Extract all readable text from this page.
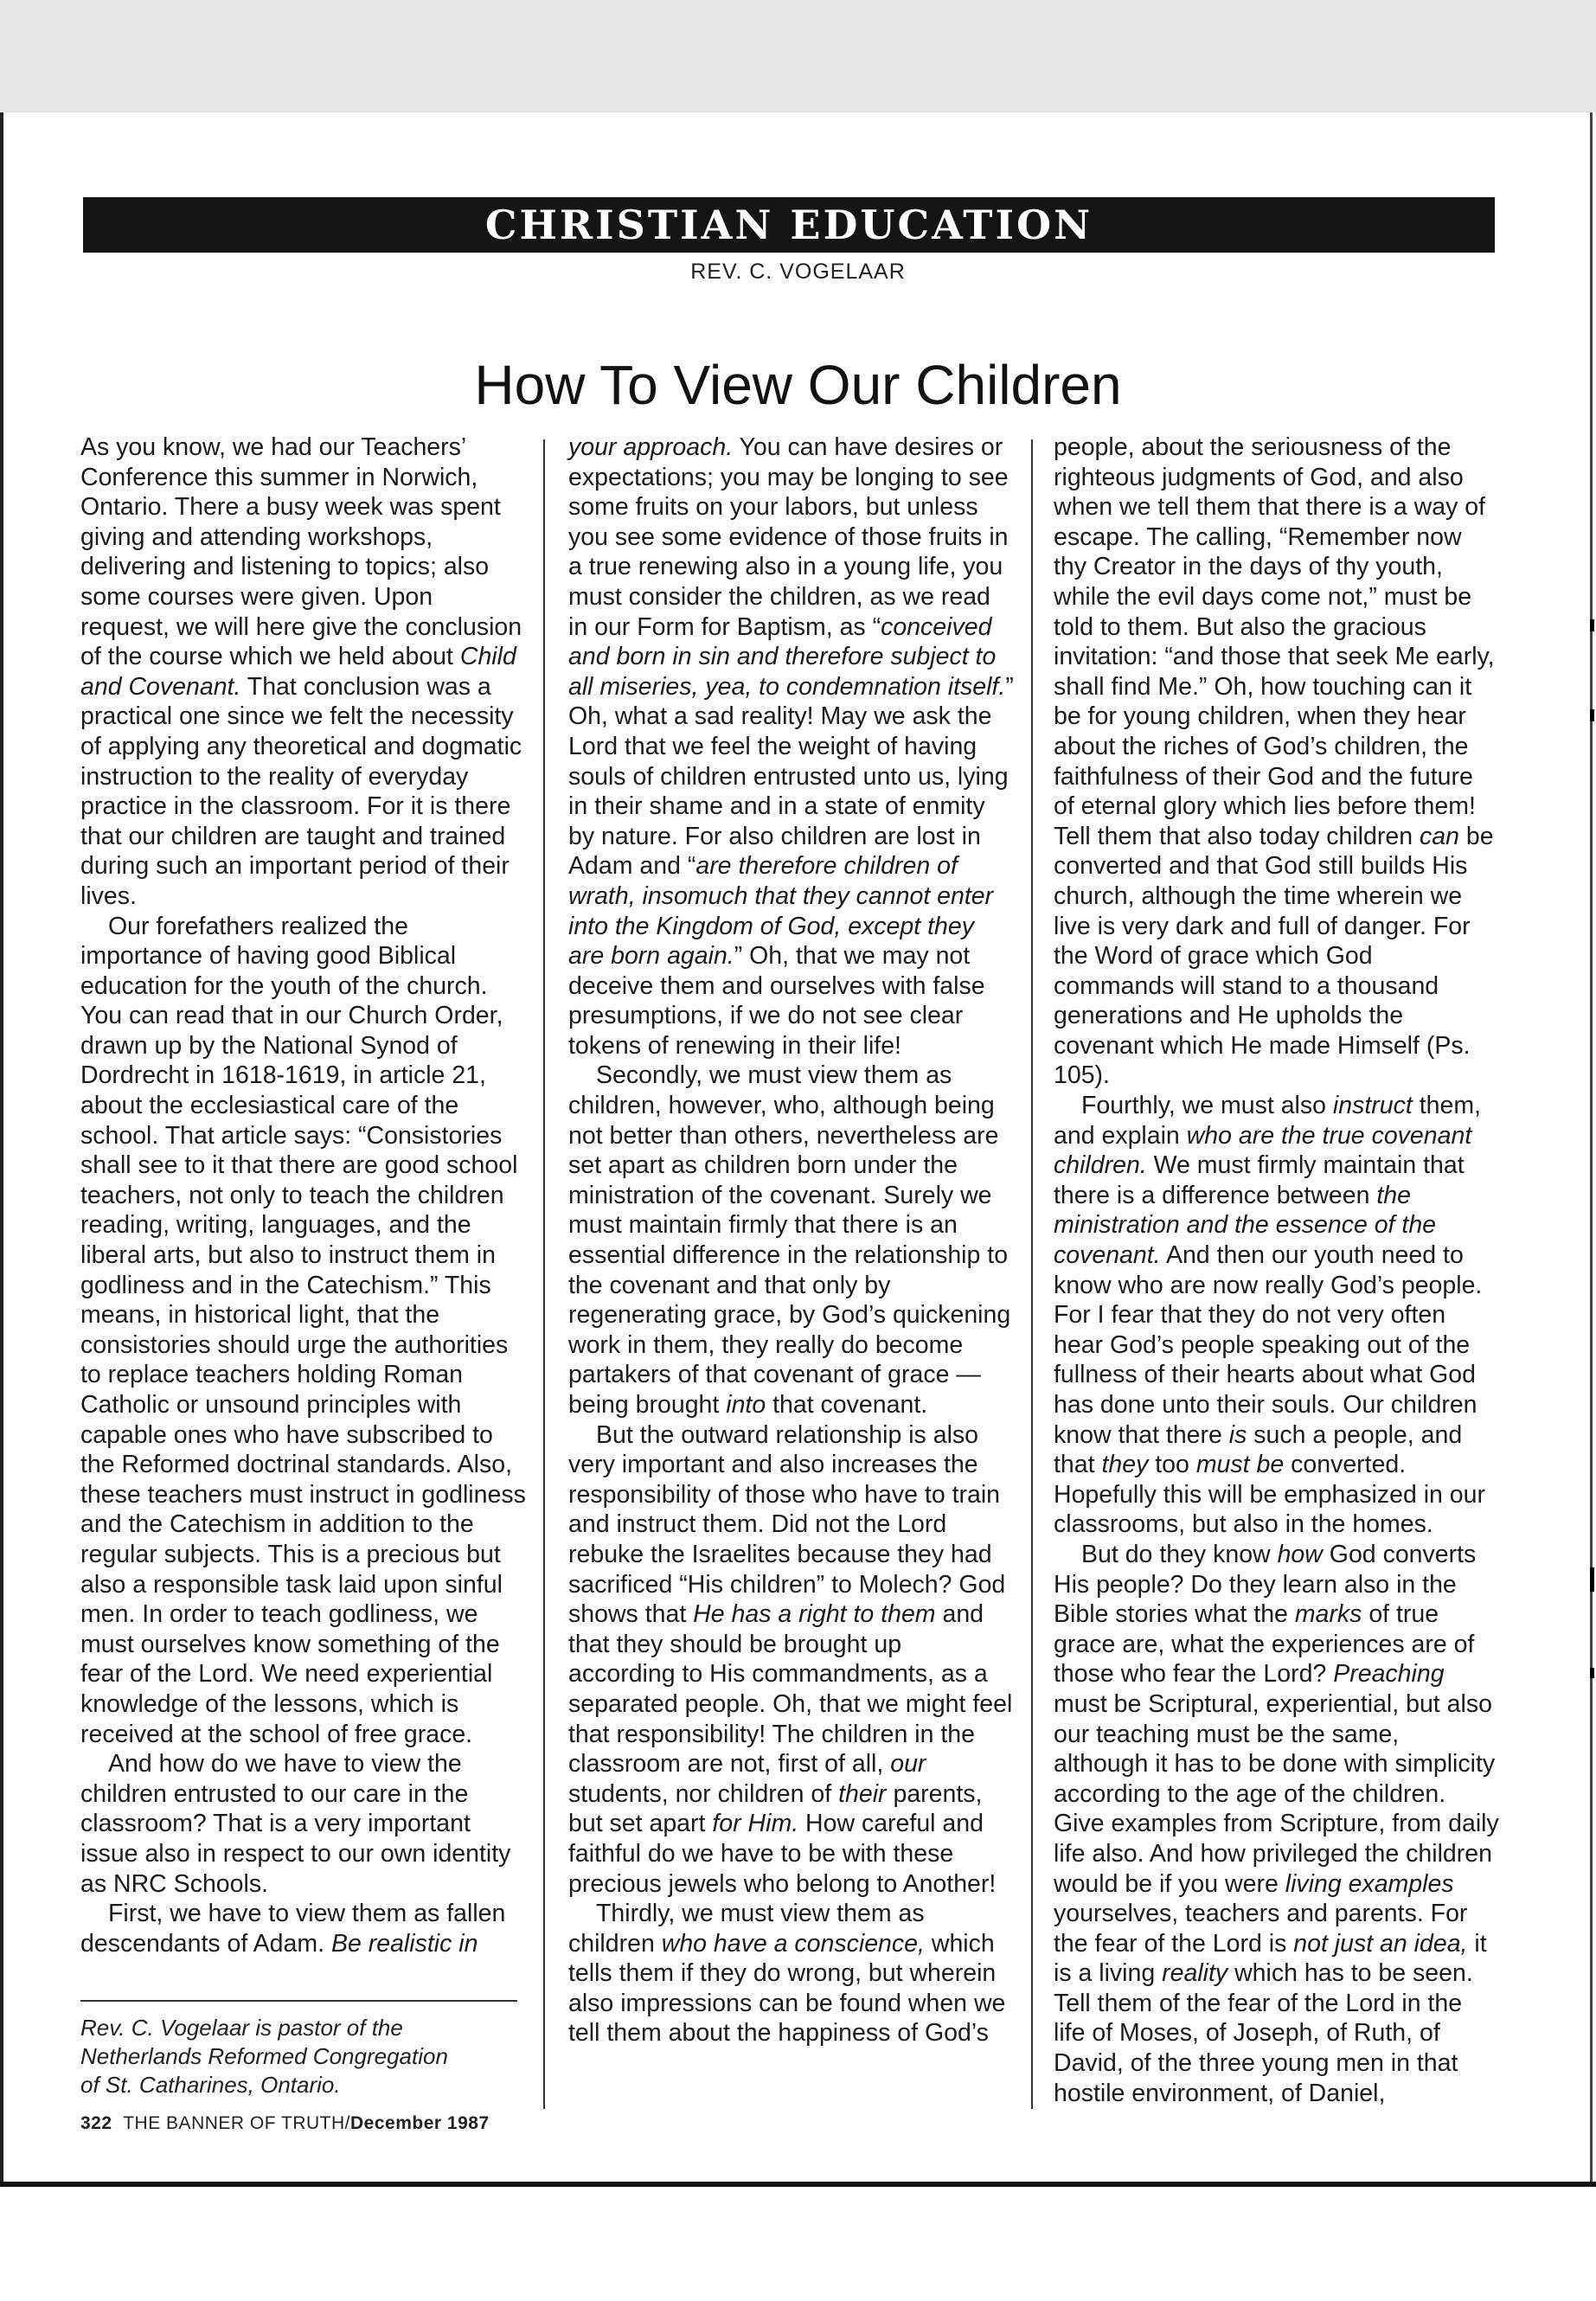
CHRISTIAN EDUCATION
REV. C. VOGELAAR
How To View Our Children

As you know, we had our Teachers’ Conference this summer in Norwich, Ontario. There a busy week was spent giving and attending workshops, delivering and listening to topics; also some courses were given. Upon request, we will here give the conclusion of the course which we held about Child and Covenant. That conclusion was a practical one since we felt the necessity of applying any theoretical and dogmatic instruction to the reality of everyday practice in the classroom. For it is there that our children are taught and trained during such an important period of their lives.

Our forefathers realized the importance of having good Biblical education for the youth of the church. You can read that in our Church Order, drawn up by the National Synod of Dordrecht in 1618-1619, in article 21, about the ecclesiastical care of the school. That article says: “Consistories shall see to it that there are good school teachers, not only to teach the children reading, writing, languages, and the liberal arts, but also to instruct them in godliness and in the Catechism.” This means, in historical light, that the consistories should urge the authorities to replace teachers holding Roman Catholic or unsound principles with capable ones who have subscribed to the Reformed doctrinal standards. Also, these teachers must instruct in godliness and the Catechism in addition to the regular subjects. This is a precious but also a responsible task laid upon sinful men. In order to teach godliness, we must ourselves know something of the fear of the Lord. We need experiential knowledge of the lessons, which is received at the school of free grace.

And how do we have to view the children entrusted to our care in the classroom? That is a very important issue also in respect to our own identity as NRC Schools.

First, we have to view them as fallen descendants of Adam. Be realistic in

your approach. You can have desires or expectations; you may be longing to see some fruits on your labors, but unless you see some evidence of those fruits in a true renewing also in a young life, you must consider the children, as we read in our Form for Baptism, as “conceived and born in sin and therefore subject to all miseries, yea, to condemnation itself.” Oh, what a sad reality! May we ask the Lord that we feel the weight of having souls of children entrusted unto us, lying in their shame and in a state of enmity by nature. For also children are lost in Adam and “are therefore children of wrath, insomuch that they cannot enter into the Kingdom of God, except they are born again.” Oh, that we may not deceive them and ourselves with false presumptions, if we do not see clear tokens of renewing in their life!

Secondly, we must view them as children, however, who, although being not better than others, nevertheless are set apart as children born under the ministration of the covenant. Surely we must maintain firmly that there is an essential difference in the relationship to the covenant and that only by regenerating grace, by God’s quickening work in them, they really do become partakers of that covenant of grace — being brought into that covenant.

But the outward relationship is also very important and also increases the responsibility of those who have to train and instruct them. Did not the Lord rebuke the Israelites because they had sacrificed “His children” to Molech? God shows that He has a right to them and that they should be brought up according to His commandments, as a separated people. Oh, that we might feel that responsibility! The children in the classroom are not, first of all, our students, nor children of their parents, but set apart for Him. How careful and faithful do we have to be with these precious jewels who belong to Another!

Thirdly, we must view them as children who have a conscience, which tells them if they do wrong, but wherein also impressions can be found when we tell them about the happiness of God’s

people, about the seriousness of the righteous judgments of God, and also when we tell them that there is a way of escape. The calling, “Remember now thy Creator in the days of thy youth, while the evil days come not,” must be told to them. But also the gracious invitation: “and those that seek Me early, shall find Me.” Oh, how touching can it be for young children, when they hear about the riches of God’s children, the faithfulness of their God and the future of eternal glory which lies before them! Tell them that also today children can be converted and that God still builds His church, although the time wherein we live is very dark and full of danger. For the Word of grace which God commands will stand to a thousand generations and He upholds the covenant which He made Himself (Ps. 105).

Fourthly, we must also instruct them, and explain who are the true covenant children. We must firmly maintain that there is a difference between the ministration and the essence of the covenant. And then our youth need to know who are now really God’s people. For I fear that they do not very often hear God’s people speaking out of the fullness of their hearts about what God has done unto their souls. Our children know that there is such a people, and that they too must be converted. Hopefully this will be emphasized in our classrooms, but also in the homes.

But do they know how God converts His people? Do they learn also in the Bible stories what the marks of true grace are, what the experiences are of those who fear the Lord? Preaching must be Scriptural, experiential, but also our teaching must be the same, although it has to be done with simplicity according to the age of the children. Give examples from Scripture, from daily life also. And how privileged the children would be if you were living examples yourselves, teachers and parents. For the fear of the Lord is not just an idea, it is a living reality which has to be seen. Tell them of the fear of the Lord in the life of Moses, of Joseph, of Ruth, of David, of the three young men in that hostile environment, of Daniel,

Rev. C. Vogelaar is pastor of the
Netherlands Reformed Congregation
of St. Catharines, Ontario.
322 THE BANNER OF TRUTH/December 1987
